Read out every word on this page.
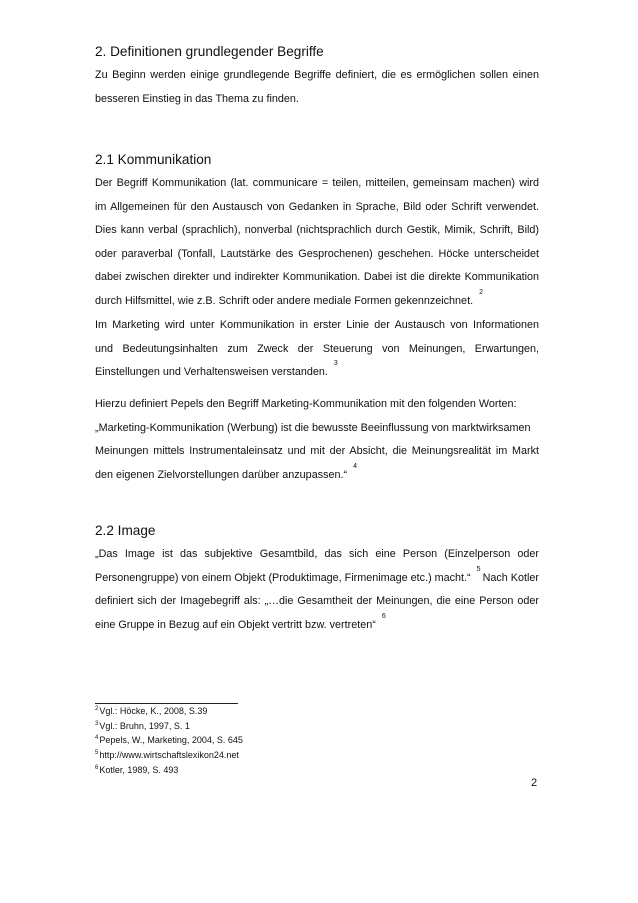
2. Definitionen grundlegender Begriffe
Zu Beginn werden einige grundlegende Begriffe definiert, die es ermöglichen sollen einen
besseren Einstieg in das Thema zu finden.
2.1 Kommunikation
Der Begriff Kommunikation (lat. communicare = teilen, mitteilen, gemeinsam machen) wird
im Allgemeinen für den Austausch von Gedanken in Sprache, Bild oder Schrift verwendet.
Dies kann verbal (sprachlich), nonverbal (nichtsprachlich durch Gestik, Mimik, Schrift, Bild)
oder paraverbal (Tonfall, Lautstärke des Gesprochenen) geschehen. Höcke unterscheidet
dabei zwischen direkter und indirekter Kommunikation. Dabei ist die direkte Kommunikation
durch Hilfsmittel, wie z.B. Schrift oder andere mediale Formen gekennzeichnet.$^2$
Im Marketing wird unter Kommunikation in erster Linie der Austausch von Informationen
und Bedeutungsinhalten zum Zweck der Steuerung von Meinungen, Erwartungen,
Einstellungen und Verhaltensweisen verstanden.$^3$
Hierzu definiert Pepels den Begriff Marketing-Kommunikation mit den folgenden Worten:
„Marketing-Kommunikation (Werbung) ist die bewusste Beeinflussung von marktwirksamen
Meinungen mittels Instrumentaleinsatz und mit der Absicht, die Meinungsrealität im Markt
den eigenen Zielvorstellungen darüber anzupassen.“$^4$
2.2 Image
„Das Image ist das subjektive Gesamtbild, das sich eine Person (Einzelperson oder
Personengruppe) von einem Objekt (Produktimage, Firmenimage etc.) macht.“$^5$
Nach Kotler
definiert sich der Imagebegriff als: „…die Gesamtheit der Meinungen, die eine Person oder
eine Gruppe in Bezug auf ein Objekt vertritt bzw. vertreten“$^6$
$^2$Vgl.: Höcke, K., 2008, S.39
$^3$Vgl.: Bruhn, 1997, S. 1
$^4$Pepels, W., Marketing, 2004, S. 645
$^5$http://www.wirtschaftslexikon24.net
$^6$Kotler, 1989, S. 493
2
